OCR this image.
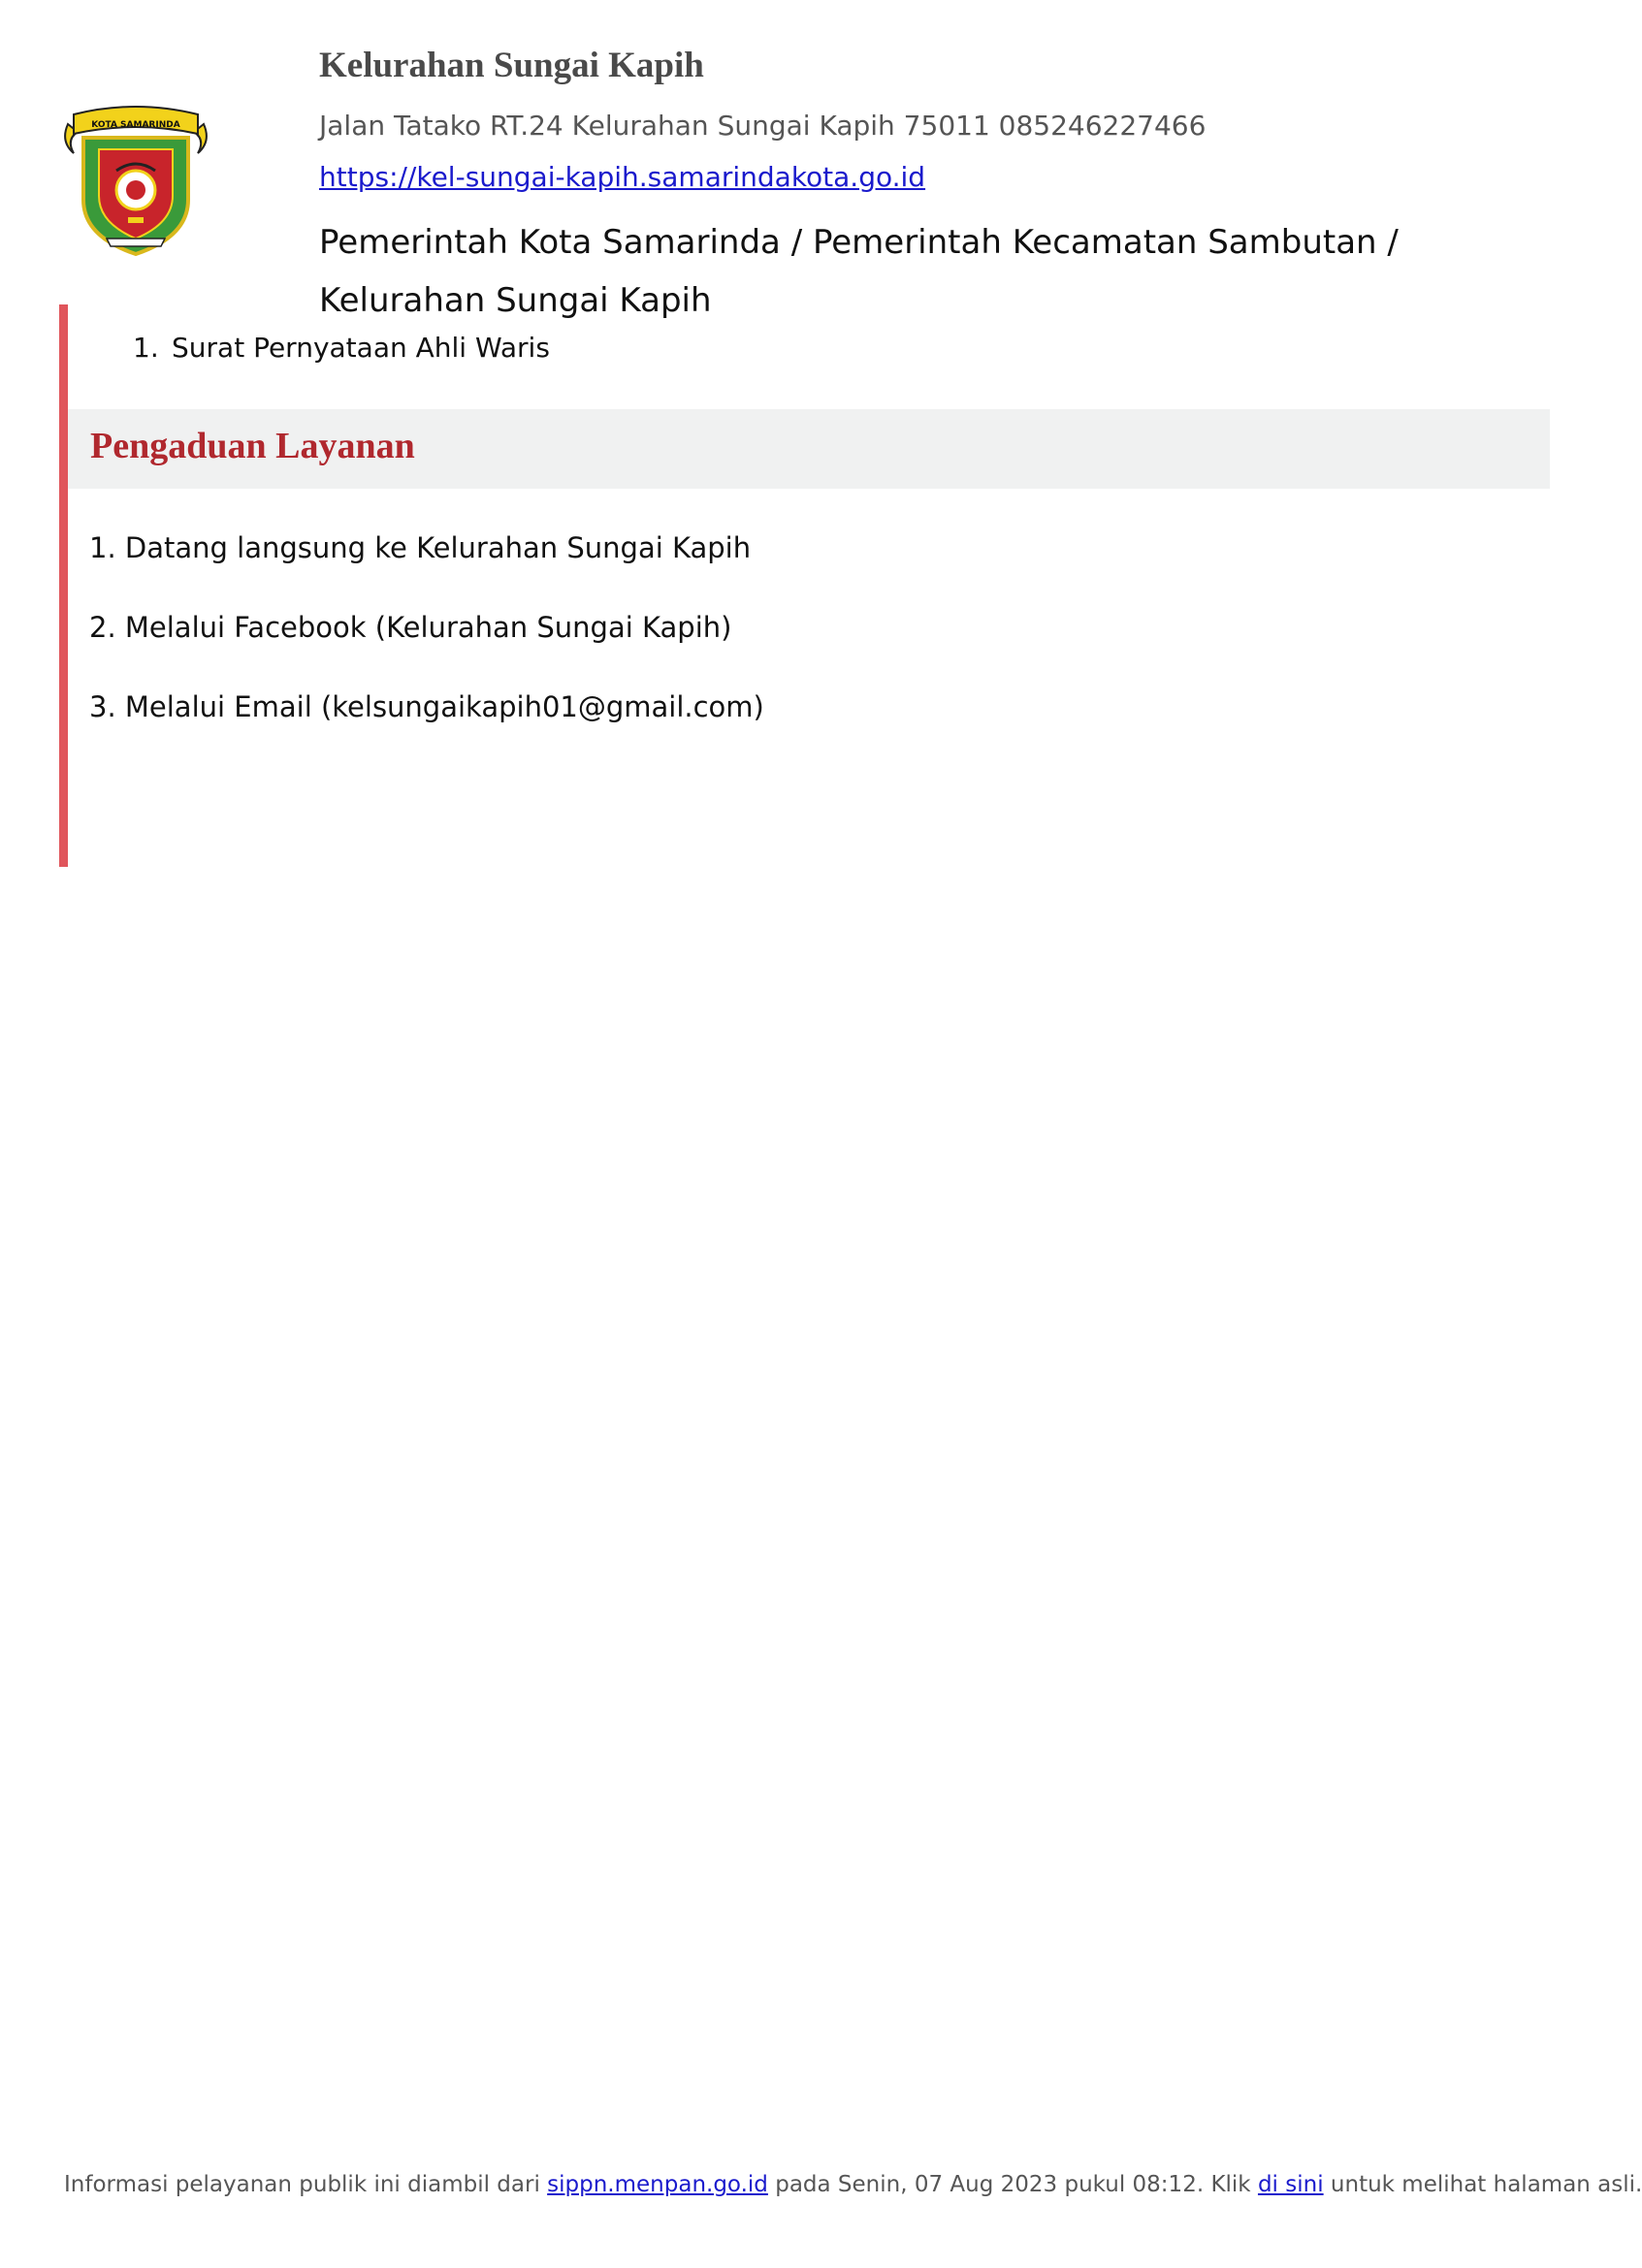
KOTA SAMARINDA
Kelurahan Sungai Kapih
Jalan Tatako RT.24 Kelurahan Sungai Kapih 75011 085246227466
https://kel-sungai-kapih.samarindakota.go.id
Pemerintah Kota Samarinda / Pemerintah Kecamatan Sambutan / Kelurahan Sungai Kapih
1. Surat Pernyataan Ahli Waris
Pengaduan Layanan

1. Datang langsung ke Kelurahan Sungai Kapih

2. Melalui Facebook (Kelurahan Sungai Kapih)

3. Melalui Email (kelsungaikapih01@gmail.com)

Informasi pelayanan publik ini diambil dari sippn.menpan.go.id pada Senin, 07 Aug 2023 pukul 08:12. Klik di sini untuk melihat halaman asli.
